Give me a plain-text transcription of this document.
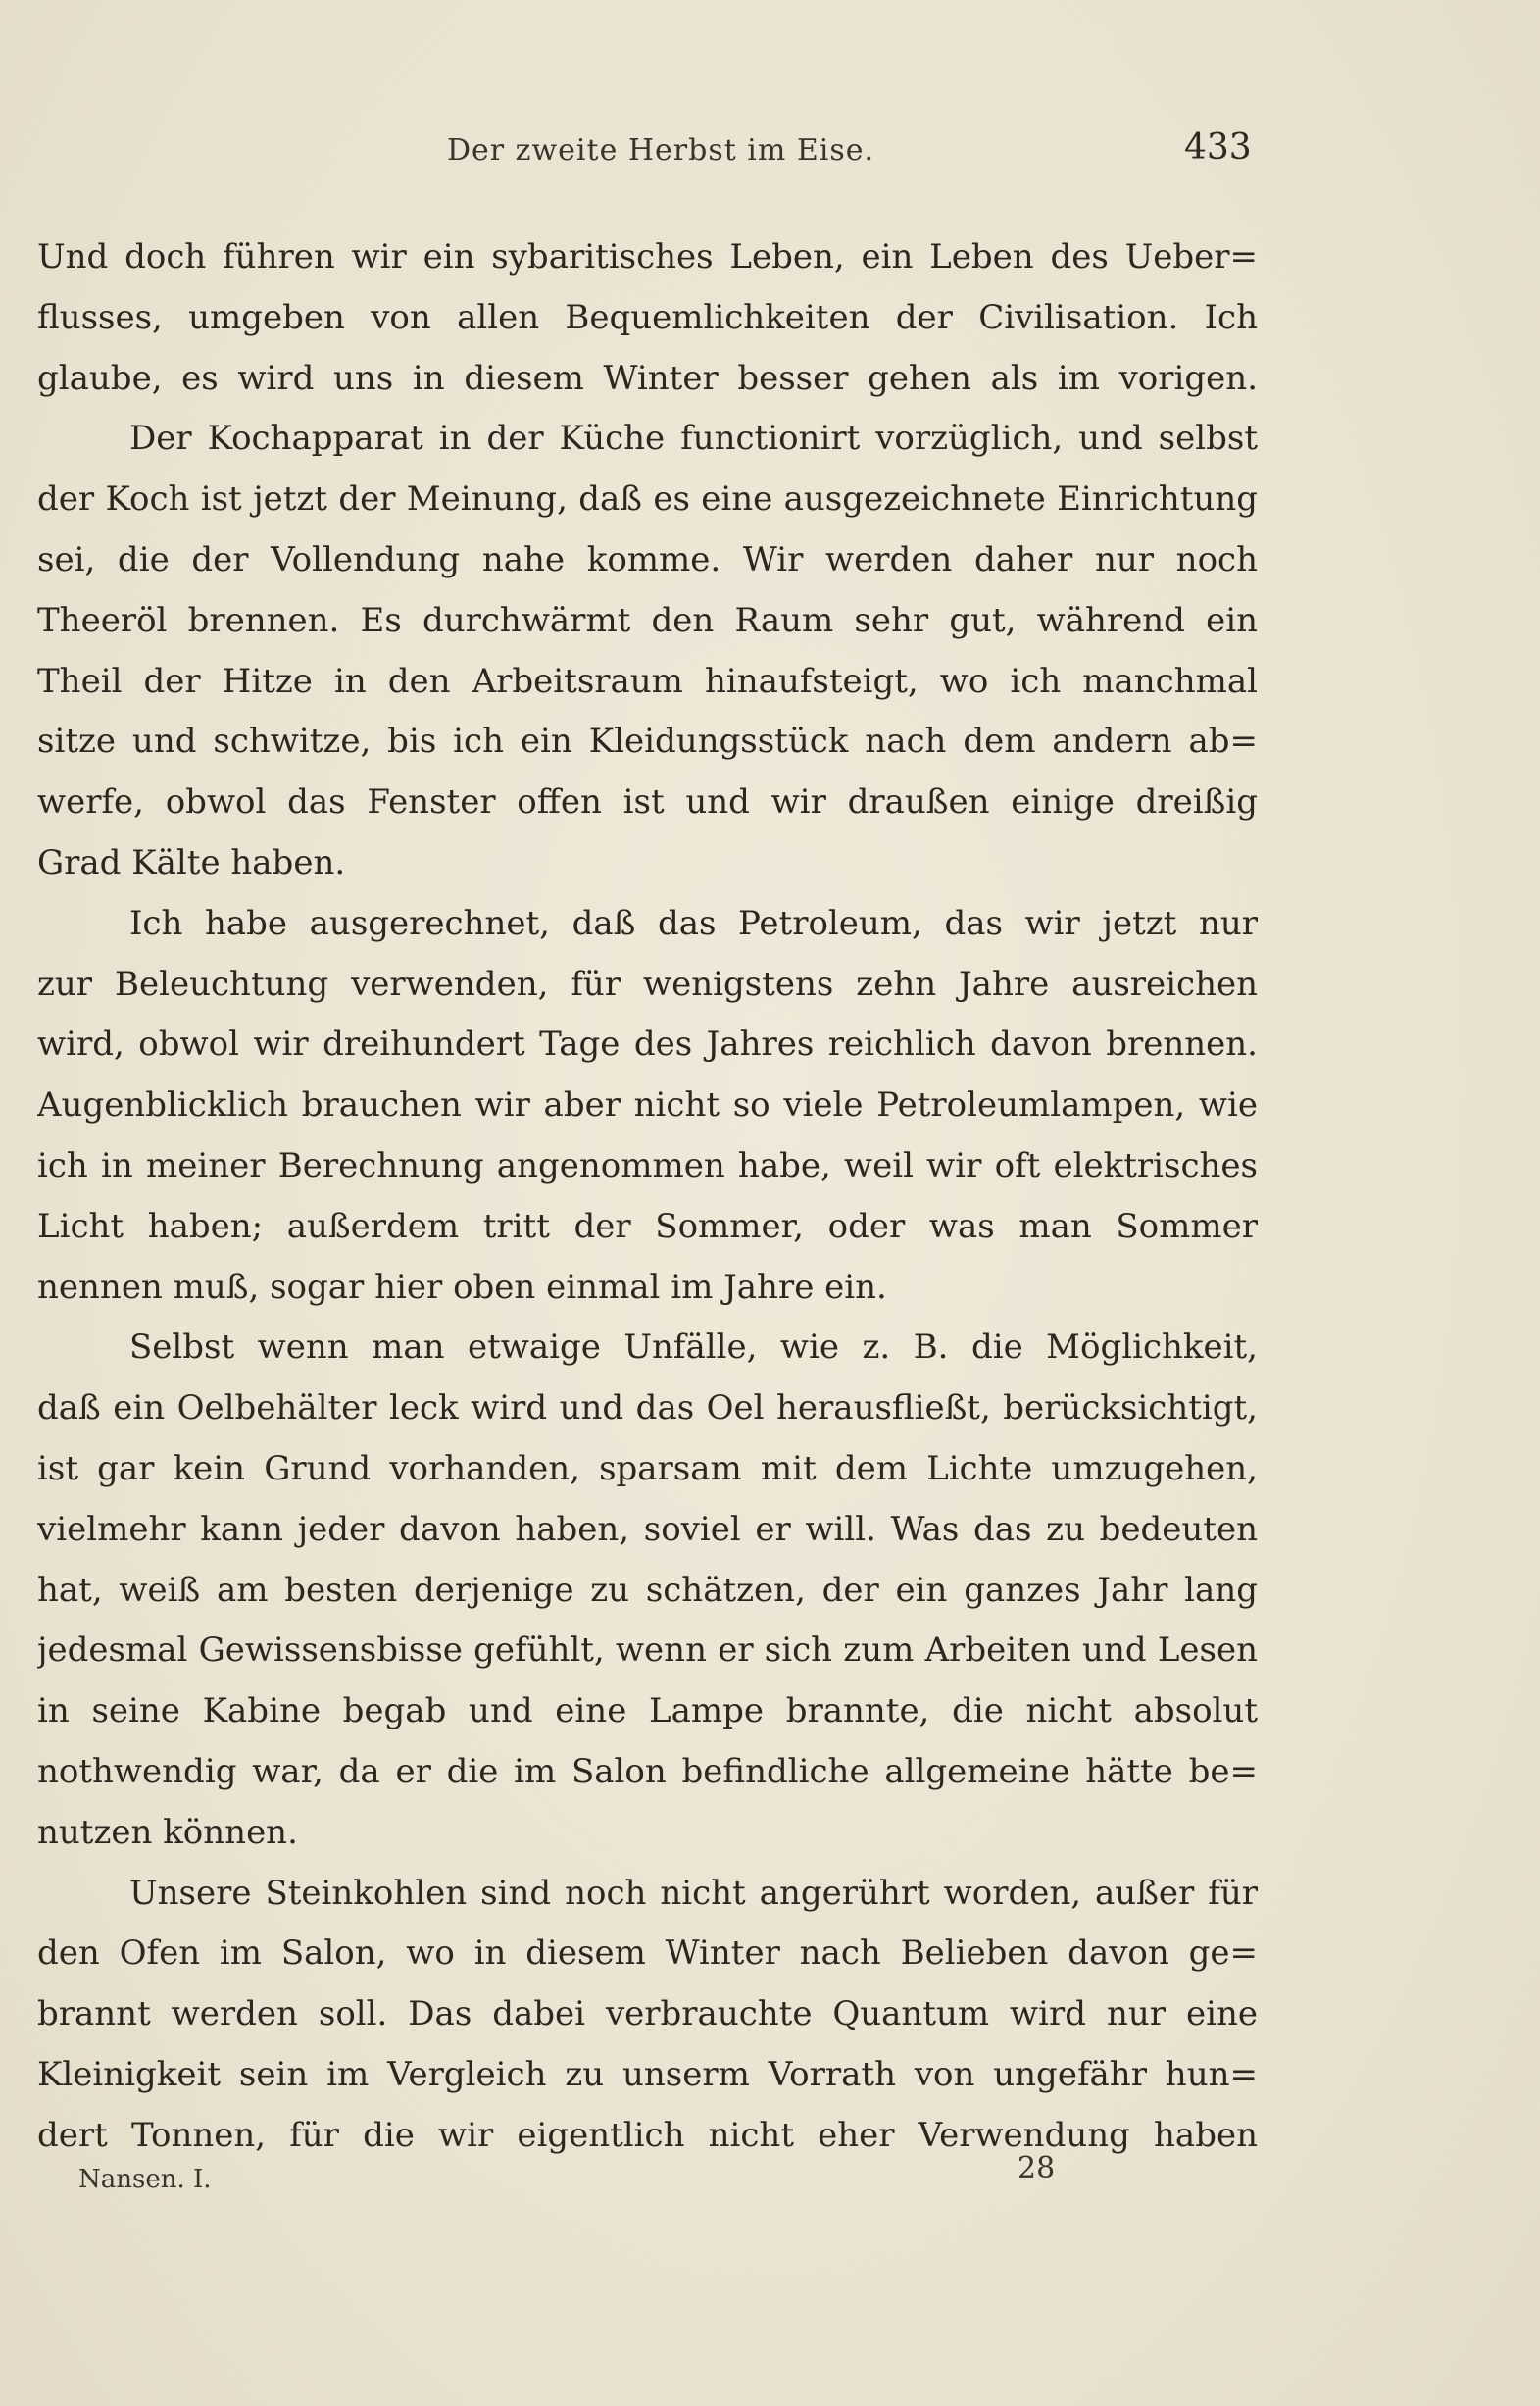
Der zweite Herbst im Eise.	433
Und doch führen wir ein sybaritisches Leben, ein Leben des Ueber=
flusses, umgeben von allen Bequemlichkeiten der Civilisation. Ich
glaube, es wird uns in diesem Winter besser gehen als im vorigen.
Der Kochapparat in der Küche functionirt vorzüglich, und selbst
der Koch ist jetzt der Meinung, daß es eine ausgezeichnete Einrichtung
sei, die der Vollendung nahe komme. Wir werden daher nur noch
Theeröl brennen. Es durchwärmt den Raum sehr gut, während ein
Theil der Hitze in den Arbeitsraum hinaufsteigt, wo ich manchmal
sitze und schwitze, bis ich ein Kleidungsstück nach dem andern ab=
werfe, obwol das Fenster offen ist und wir draußen einige dreißig
Grad Kälte haben.
Ich habe ausgerechnet, daß das Petroleum, das wir jetzt nur
zur Beleuchtung verwenden, für wenigstens zehn Jahre ausreichen
wird, obwol wir dreihundert Tage des Jahres reichlich davon brennen.
Augenblicklich brauchen wir aber nicht so viele Petroleumlampen, wie
ich in meiner Berechnung angenommen habe, weil wir oft elektrisches
Licht haben; außerdem tritt der Sommer, oder was man Sommer
nennen muß, sogar hier oben einmal im Jahre ein.
Selbst wenn man etwaige Unfälle, wie z. B. die Möglichkeit,
daß ein Oelbehälter leck wird und das Oel herausfließt, berücksichtigt,
ist gar kein Grund vorhanden, sparsam mit dem Lichte umzugehen,
vielmehr kann jeder davon haben, soviel er will. Was das zu bedeuten
hat, weiß am besten derjenige zu schätzen, der ein ganzes Jahr lang
jedesmal Gewissensbisse gefühlt, wenn er sich zum Arbeiten und Lesen
in seine Kabine begab und eine Lampe brannte, die nicht absolut
nothwendig war, da er die im Salon befindliche allgemeine hätte be=
nutzen können.
Unsere Steinkohlen sind noch nicht angerührt worden, außer für
den Ofen im Salon, wo in diesem Winter nach Belieben davon ge=
brannt werden soll. Das dabei verbrauchte Quantum wird nur eine
Kleinigkeit sein im Vergleich zu unserm Vorrath von ungefähr hun=
dert Tonnen, für die wir eigentlich nicht eher Verwendung haben
Nansen. I.	28
